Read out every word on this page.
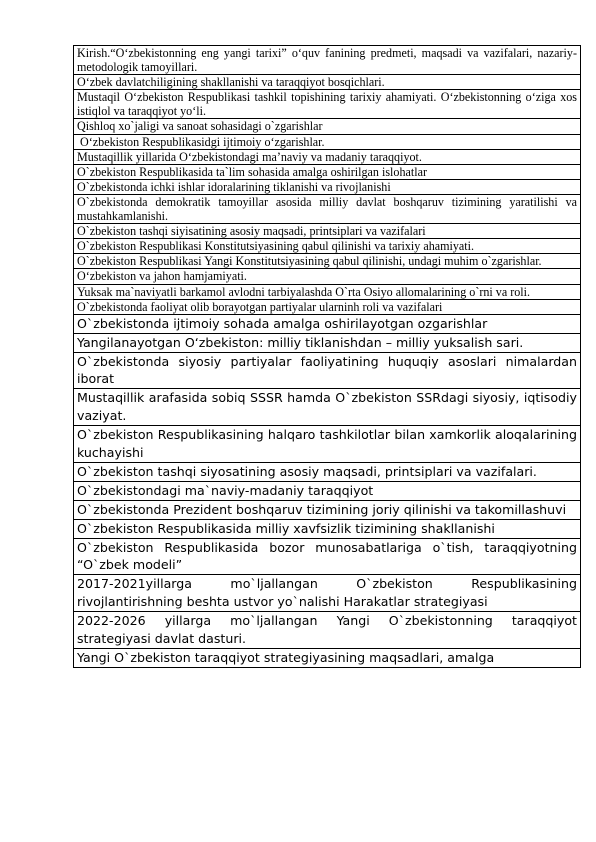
Kirish.“O‘zbekistonning eng yangi tarixi” o‘quv fanining predmeti, maqsadi va vazifalari, nazariy-metodologik tamoyillari.
O‘zbek davlatchiligining shakllanishi va taraqqiyot bosqichlari.
Mustaqil O‘zbekiston Respublikasi tashkil topishining tarixiy ahamiyati. O‘zbekistonning o‘ziga xos istiqlol va taraqqiyot yo‘li.
Qishloq xo`jaligi va sanoat sohasidagi o`zgarishlar
O‘zbekiston Respublikasidgi ijtimoiy o‘zgarishlar.
Mustaqillik yillarida O‘zbekistondagi ma’naviy va madaniy taraqqiyot.
O`zbekiston Respublikasida ta`lim sohasida amalga oshirilgan islohatlar
O`zbekistonda ichki ishlar idoralarining tiklanishi va rivojlanishi
O`zbekistonda demokratik tamoyillar asosida milliy davlat boshqaruv tizimining yaratilishi va mustahkamlanishi.
O`zbekiston tashqi siyisatining asosiy maqsadi, printsiplari va vazifalari
O`zbekiston Respublikasi Konstitutsiyasining qabul qilinishi va tarixiy ahamiyati.
O`zbekiston Respublikasi Yangi Konstitutsiyasining qabul qilinishi, undagi muhim o`zgarishlar.
O‘zbekiston va jahon hamjamiyati.
Yuksak ma`naviyatli barkamol avlodni tarbiyalashda O`rta Osiyo allomalarining o`rni va roli.
O`zbekistonda faoliyat olib borayotgan partiyalar ularninh roli va vazifalari
O`zbekistonda ijtimoiy sohada amalga oshirilayotgan ozgarishlar
Yangilanayotgan O‘zbekiston: milliy tiklanishdan – milliy yuksalish sari.
O`zbekistonda siyosiy partiyalar faoliyatining huquqiy asoslari nimalardan iborat
Mustaqillik arafasida sobiq SSSR hamda O`zbekiston SSRdagi siyosiy, iqtisodiy vaziyat.
O`zbekiston Respublikasining halqaro tashkilotlar bilan xamkorlik aloqalarining kuchayishi
O`zbekiston tashqi siyosatining asosiy maqsadi, printsiplari va vazifalari.
O`zbekistondagi ma`naviy-madaniy taraqqiyot
O`zbekistonda Prezident boshqaruv tizimining joriy qilinishi va takomillashuvi
O`zbekiston Respublikasida milliy xavfsizlik tizimining shakllanishi
O`zbekiston Respublikasida bozor munosabatlariga o`tish, taraqqiyotning “O`zbek modeli”
2017-2021yillarga mo`ljallangan O`zbekiston Respublikasining rivojlantirishning beshta ustvor yo`nalishi Harakatlar strategiyasi
2022-2026 yillarga mo`ljallangan Yangi O`zbekistonning taraqqiyot strategiyasi davlat dasturi.
Yangi O`zbekiston taraqqiyot strategiyasining maqsadlari, amalga
